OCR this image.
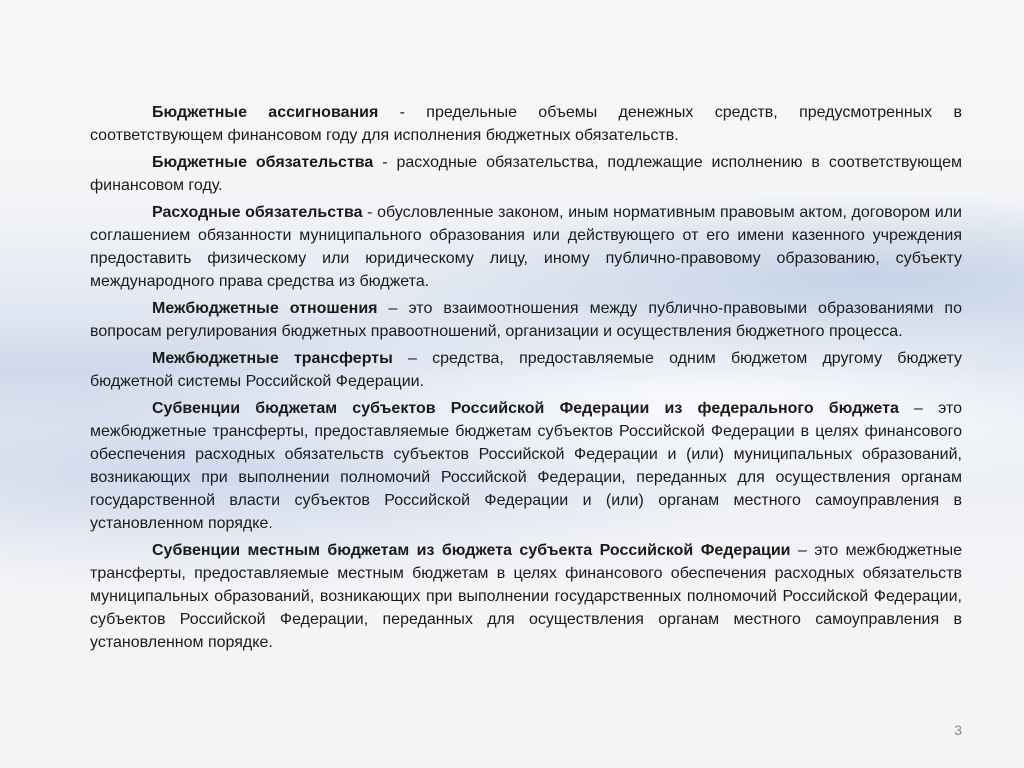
Бюджетные ассигнования - предельные объемы денежных средств, предусмотренных в соответствующем финансовом году для исполнения бюджетных обязательств.

Бюджетные обязательства - расходные обязательства, подлежащие исполнению в соответствующем финансовом году.

Расходные обязательства - обусловленные законом, иным нормативным правовым актом, договором или соглашением обязанности муниципального образования или действующего от его имени казенного учреждения предоставить физическому или юридическому лицу, иному публично-правовому образованию, субъекту международного права средства из бюджета.

Межбюджетные отношения – это взаимоотношения между публично-правовыми образованиями по вопросам регулирования бюджетных правоотношений, организации и осуществления бюджетного процесса.

Межбюджетные трансферты – средства, предоставляемые одним бюджетом другому бюджету бюджетной системы Российской Федерации.

Субвенции бюджетам субъектов Российской Федерации из федерального бюджета – это межбюджетные трансферты, предоставляемые бюджетам субъектов Российской Федерации в целях финансового обеспечения расходных обязательств субъектов Российской Федерации и (или) муниципальных образований, возникающих при выполнении полномочий Российской Федерации, переданных для осуществления органам государственной власти субъектов Российской Федерации и (или) органам местного самоуправления в установленном порядке.

Субвенции местным бюджетам из бюджета субъекта Российской Федерации – это межбюджетные трансферты, предоставляемые местным бюджетам в целях финансового обеспечения расходных обязательств муниципальных образований, возникающих при выполнении государственных полномочий Российской Федерации, субъектов Российской Федерации, переданных для осуществления органам местного самоуправления в установленном порядке.

3
